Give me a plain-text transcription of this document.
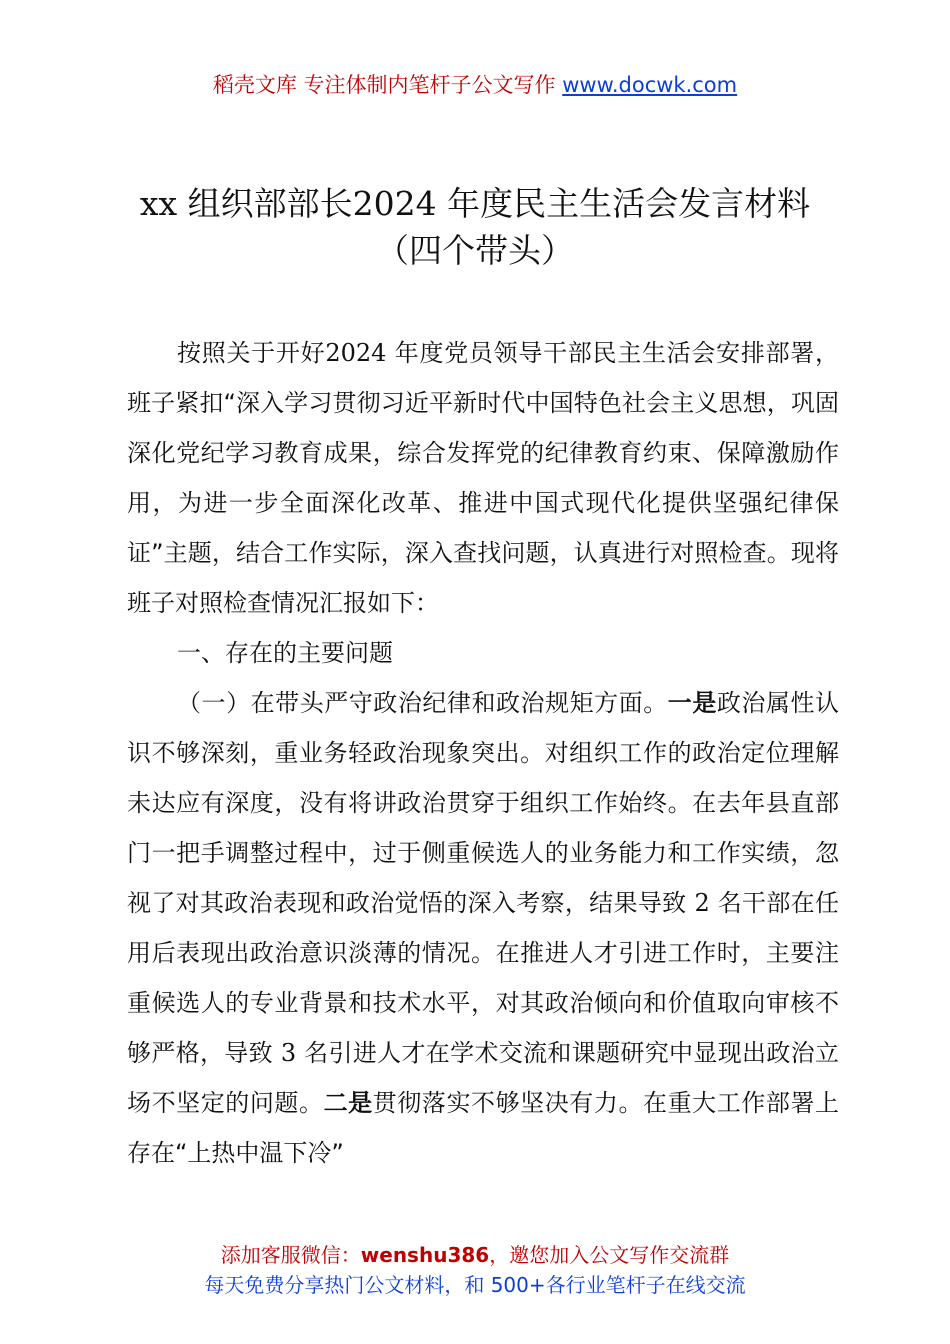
稻壳文库 专注体制内笔杆子公文写作 www.docwk.com
xx 组织部部长2024 年度民主生活会发言材料
（四个带头）

按照关于开好2024 年度党员领导干部民主生活会安排部署，班子紧扣“深入学习贯彻习近平新时代中国特色社会主义思想，巩固深化党纪学习教育成果，综合发挥党的纪律教育约束、保障激励作用，为进一步全面深化改革、推进中国式现代化提供坚强纪律保证”主题，结合工作实际，深入查找问题，认真进行对照检查。现将班子对照检查情况汇报如下：

一、存在的主要问题

（一）在带头严守政治纪律和政治规矩方面。一是政治属性认识不够深刻，重业务轻政治现象突出。对组织工作的政治定位理解未达应有深度，没有将讲政治贯穿于组织工作始终。在去年县直部门一把手调整过程中，过于侧重候选人的业务能力和工作实绩，忽视了对其政治表现和政治觉悟的深入考察，结果导致 2 名干部在任用后表现出政治意识淡薄的情况。在推进人才引进工作时，主要注重候选人的专业背景和技术水平，对其政治倾向和价值取向审核不够严格，导致 3 名引进人才在学术交流和课题研究中显现出政治立场不坚定的问题。二是贯彻落实不够坚决有力。在重大工作部署上存在“上热中温下冷”

添加客服微信：wenshu386，邀您加入公文写作交流群
每天免费分享热门公文材料，和 500+各行业笔杆子在线交流
